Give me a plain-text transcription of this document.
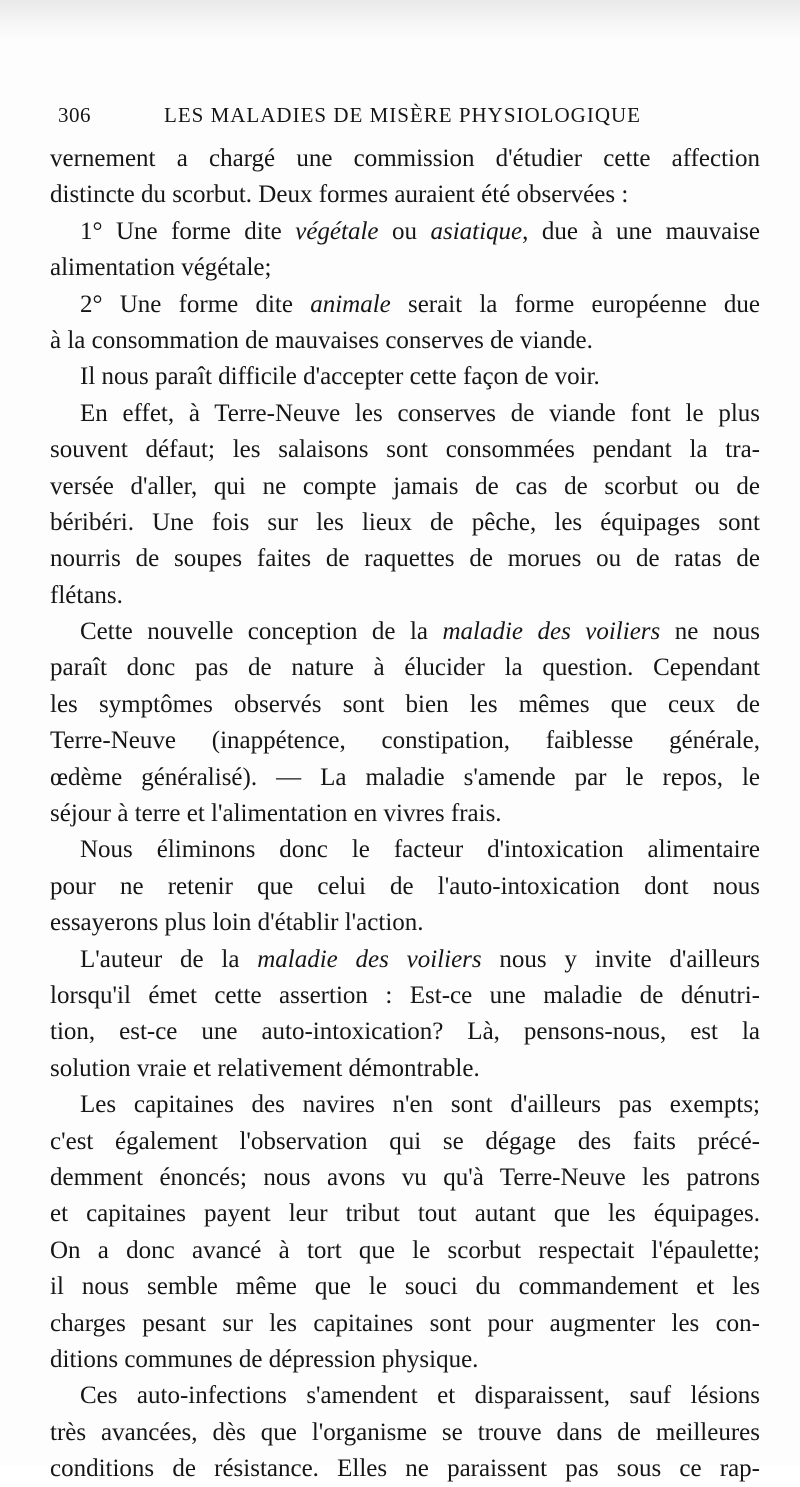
306	LES MALADIES DE MISÈRE PHYSIOLOGIQUE
vernement a chargé une commission d'étudier cette affection
distincte du scorbut. Deux formes auraient été observées :
1° Une forme dite végétale ou asiatique, due à une mauvaise
alimentation végétale;
2° Une forme dite animale serait la forme européenne due
à la consommation de mauvaises conserves de viande.
Il nous paraît difficile d'accepter cette façon de voir.
En effet, à Terre-Neuve les conserves de viande font le plus
souvent défaut; les salaisons sont consommées pendant la tra-
versée d'aller, qui ne compte jamais de cas de scorbut ou de
béribéri. Une fois sur les lieux de pêche, les équipages sont
nourris de soupes faites de raquettes de morues ou de ratas de
flétans.
Cette nouvelle conception de la maladie des voiliers ne nous
paraît donc pas de nature à élucider la question. Cependant
les symptômes observés sont bien les mêmes que ceux de
Terre-Neuve (inappétence, constipation, faiblesse générale,
œdème généralisé). — La maladie s'amende par le repos, le
séjour à terre et l'alimentation en vivres frais.
Nous éliminons donc le facteur d'intoxication alimentaire
pour ne retenir que celui de l'auto-intoxication dont nous
essayerons plus loin d'établir l'action.
L'auteur de la maladie des voiliers nous y invite d'ailleurs
lorsqu'il émet cette assertion : Est-ce une maladie de dénutri-
tion, est-ce une auto-intoxication? Là, pensons-nous, est la
solution vraie et relativement démontrable.
Les capitaines des navires n'en sont d'ailleurs pas exempts;
c'est également l'observation qui se dégage des faits précé-
demment énoncés; nous avons vu qu'à Terre-Neuve les patrons
et capitaines payent leur tribut tout autant que les équipages.
On a donc avancé à tort que le scorbut respectait l'épaulette;
il nous semble même que le souci du commandement et les
charges pesant sur les capitaines sont pour augmenter les con-
ditions communes de dépression physique.
Ces auto-infections s'amendent et disparaissent, sauf lésions
très avancées, dès que l'organisme se trouve dans de meilleures
conditions de résistance. Elles ne paraissent pas sous ce rap-
